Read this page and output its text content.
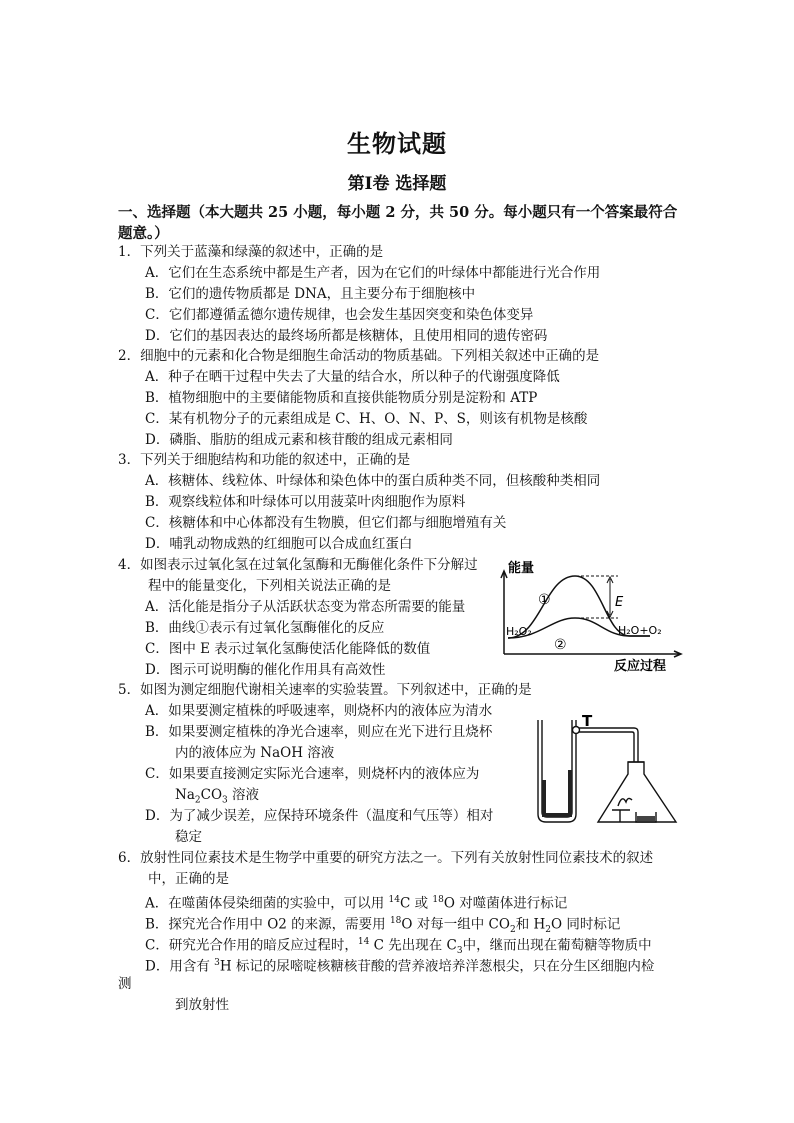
生物试题
第Ⅰ卷 选择题
一、选择题（本大题共 25 小题，每小题 2 分，共 50 分。每小题只有一个答案最符合题意。）
1．下列关于蓝藻和绿藻的叙述中，正确的是
A．它们在生态系统中都是生产者，因为在它们的叶绿体中都能进行光合作用
B．它们的遗传物质都是 DNA，且主要分布于细胞核中
C．它们都遵循孟德尔遗传规律，也会发生基因突变和染色体变异
D．它们的基因表达的最终场所都是核糖体，且使用相同的遗传密码
2．细胞中的元素和化合物是细胞生命活动的物质基础。下列相关叙述中正确的是
A．种子在晒干过程中失去了大量的结合水，所以种子的代谢强度降低
B．植物细胞中的主要储能物质和直接供能物质分别是淀粉和 ATP
C．某有机物分子的元素组成是 C、H、O、N、P、S，则该有机物是核酸
D．磷脂、脂肪的组成元素和核苷酸的组成元素相同
3．下列关于细胞结构和功能的叙述中，正确的是
A．核糖体、线粒体、叶绿体和染色体中的蛋白质种类不同，但核酸种类相同
B．观察线粒体和叶绿体可以用菠菜叶肉细胞作为原料
C．核糖体和中心体都没有生物膜，但它们都与细胞增殖有关
D．哺乳动物成熟的红细胞可以合成血红蛋白
4．如图表示过氧化氢在过氧化氢酶和无酶催化条件下分解过
程中的能量变化，下列相关说法正确的是
A．活化能是指分子从活跃状态变为常态所需要的能量
B．曲线①表示有过氧化氢酶催化的反应
C．图中 E 表示过氧化氢酶使活化能降低的数值
D．图示可说明酶的催化作用具有高效性
能量
反应过程
①
②
E
H₂O₂	H₂O+O₂
5．如图为测定细胞代谢相关速率的实验装置。下列叙述中，正确的是
A．如果要测定植株的呼吸速率，则烧杯内的液体应为清水
B．如果要测定植株的净光合速率，则应在光下进行且烧杯
内的液体应为 NaOH 溶液
C．如果要直接测定实际光合速率，则烧杯内的液体应为
$Na_2CO_3$ 溶液
D．为了减少误差，应保持环境条件（温度和气压等）相对
稳定
T
6．放射性同位素技术是生物学中重要的研究方法之一。下列有关放射性同位素技术的叙述
中，正确的是
A．在噬菌体侵染细菌的实验中，可以用 $^{14}$C 或 $^{18}$O 对噬菌体进行标记
B．探究光合作用中 O2 的来源，需要用 $^{18}$O 对每一组中 $CO_2$和 $H_2O$ 同时标记
C．研究光合作用的暗反应过程时，$^{14}$ C 先出现在 $C_3$中，继而出现在葡萄糖等物质中
D．用含有 $^3$H 标记的尿嘧啶核糖核苷酸的营养液培养洋葱根尖，只在分生区细胞内检
测
到放射性
